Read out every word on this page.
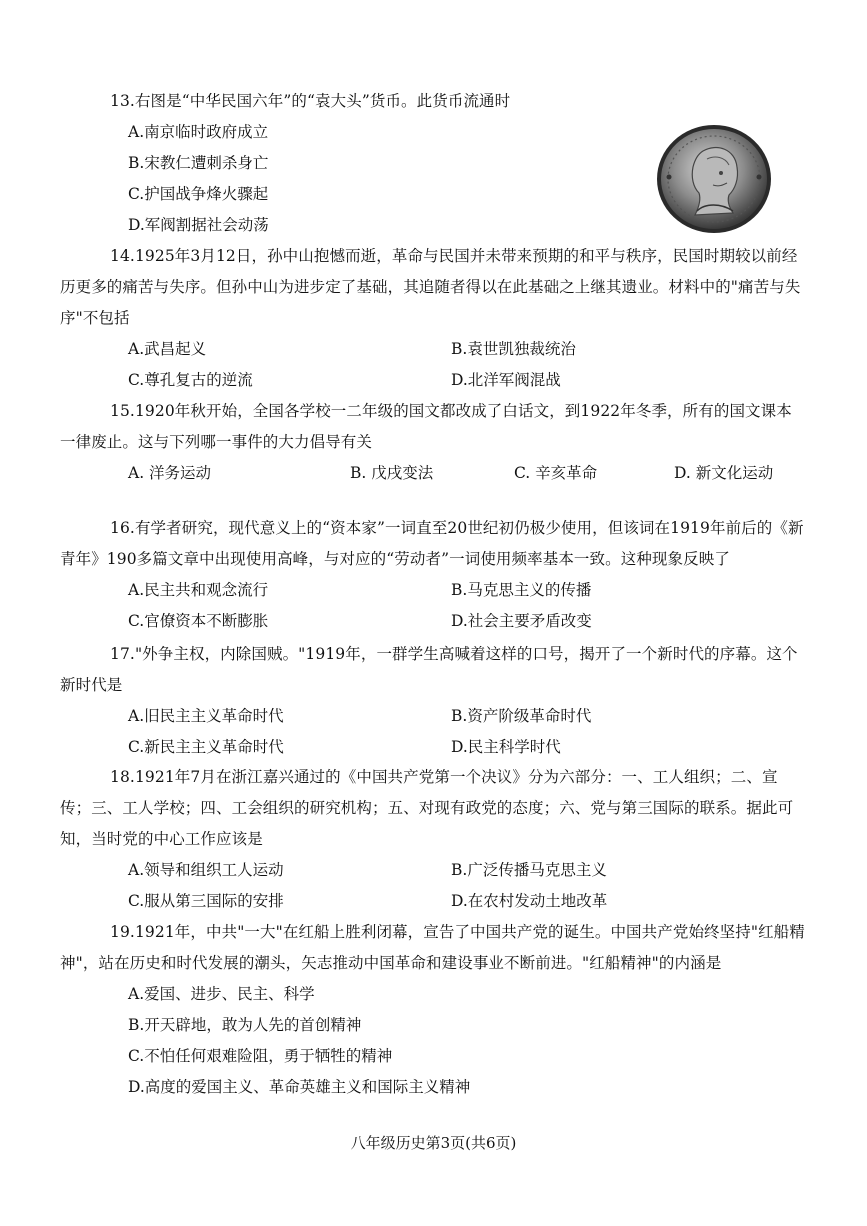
13.右图是“中华民国六年”的“袁大头”货币。此货币流通时

A.南京临时政府成立

B.宋教仁遭刺杀身亡

C.护国战争烽火骤起

D.军阀割据社会动荡

14.1925年3月12日，孙中山抱憾而逝，革命与民国并未带来预期的和平与秩序，民国时期较以前经历更多的痛苦与失序。但孙中山为进步定了基础，其追随者得以在此基础之上继其遗业。材料中的"痛苦与失序"不包括

A.武昌起义	B.袁世凯独裁统治
C.尊孔复古的逆流	D.北洋军阀混战

15.1920年秋开始，全国各学校一二年级的国文都改成了白话文，到1922年冬季，所有的国文课本一律废止。这与下列哪一事件的大力倡导有关

A. 洋务运动	B. 戊戌变法	C. 辛亥革命	D. 新文化运动

16.有学者研究，现代意义上的“资本家”一词直至20世纪初仍极少使用，但该词在1919年前后的《新青年》190多篇文章中出现使用高峰，与对应的“劳动者”一词使用频率基本一致。这种现象反映了

A.民主共和观念流行	B.马克思主义的传播
C.官僚资本不断膨胀	D.社会主要矛盾改变

17."外争主权，内除国贼。"1919年，一群学生高喊着这样的口号，揭开了一个新时代的序幕。这个新时代是

A.旧民主主义革命时代	B.资产阶级革命时代
C.新民主主义革命时代	D.民主科学时代

18.1921年7月在浙江嘉兴通过的《中国共产党第一个决议》分为六部分：一、工人组织；二、宣传；三、工人学校；四、工会组织的研究机构；五、对现有政党的态度；六、党与第三国际的联系。据此可知，当时党的中心工作应该是

A.领导和组织工人运动	B.广泛传播马克思主义
C.服从第三国际的安排	D.在农村发动土地改革

19.1921年，中共"一大"在红船上胜利闭幕，宣告了中国共产党的诞生。中国共产党始终坚持"红船精神"，站在历史和时代发展的潮头，矢志推动中国革命和建设事业不断前进。"红船精神"的内涵是

A.爱国、进步、民主、科学

B.开天辟地，敢为人先的首创精神

C.不怕任何艰难险阻，勇于牺牲的精神

D.高度的爱国主义、革命英雄主义和国际主义精神

八年级历史第3页(共6页)
